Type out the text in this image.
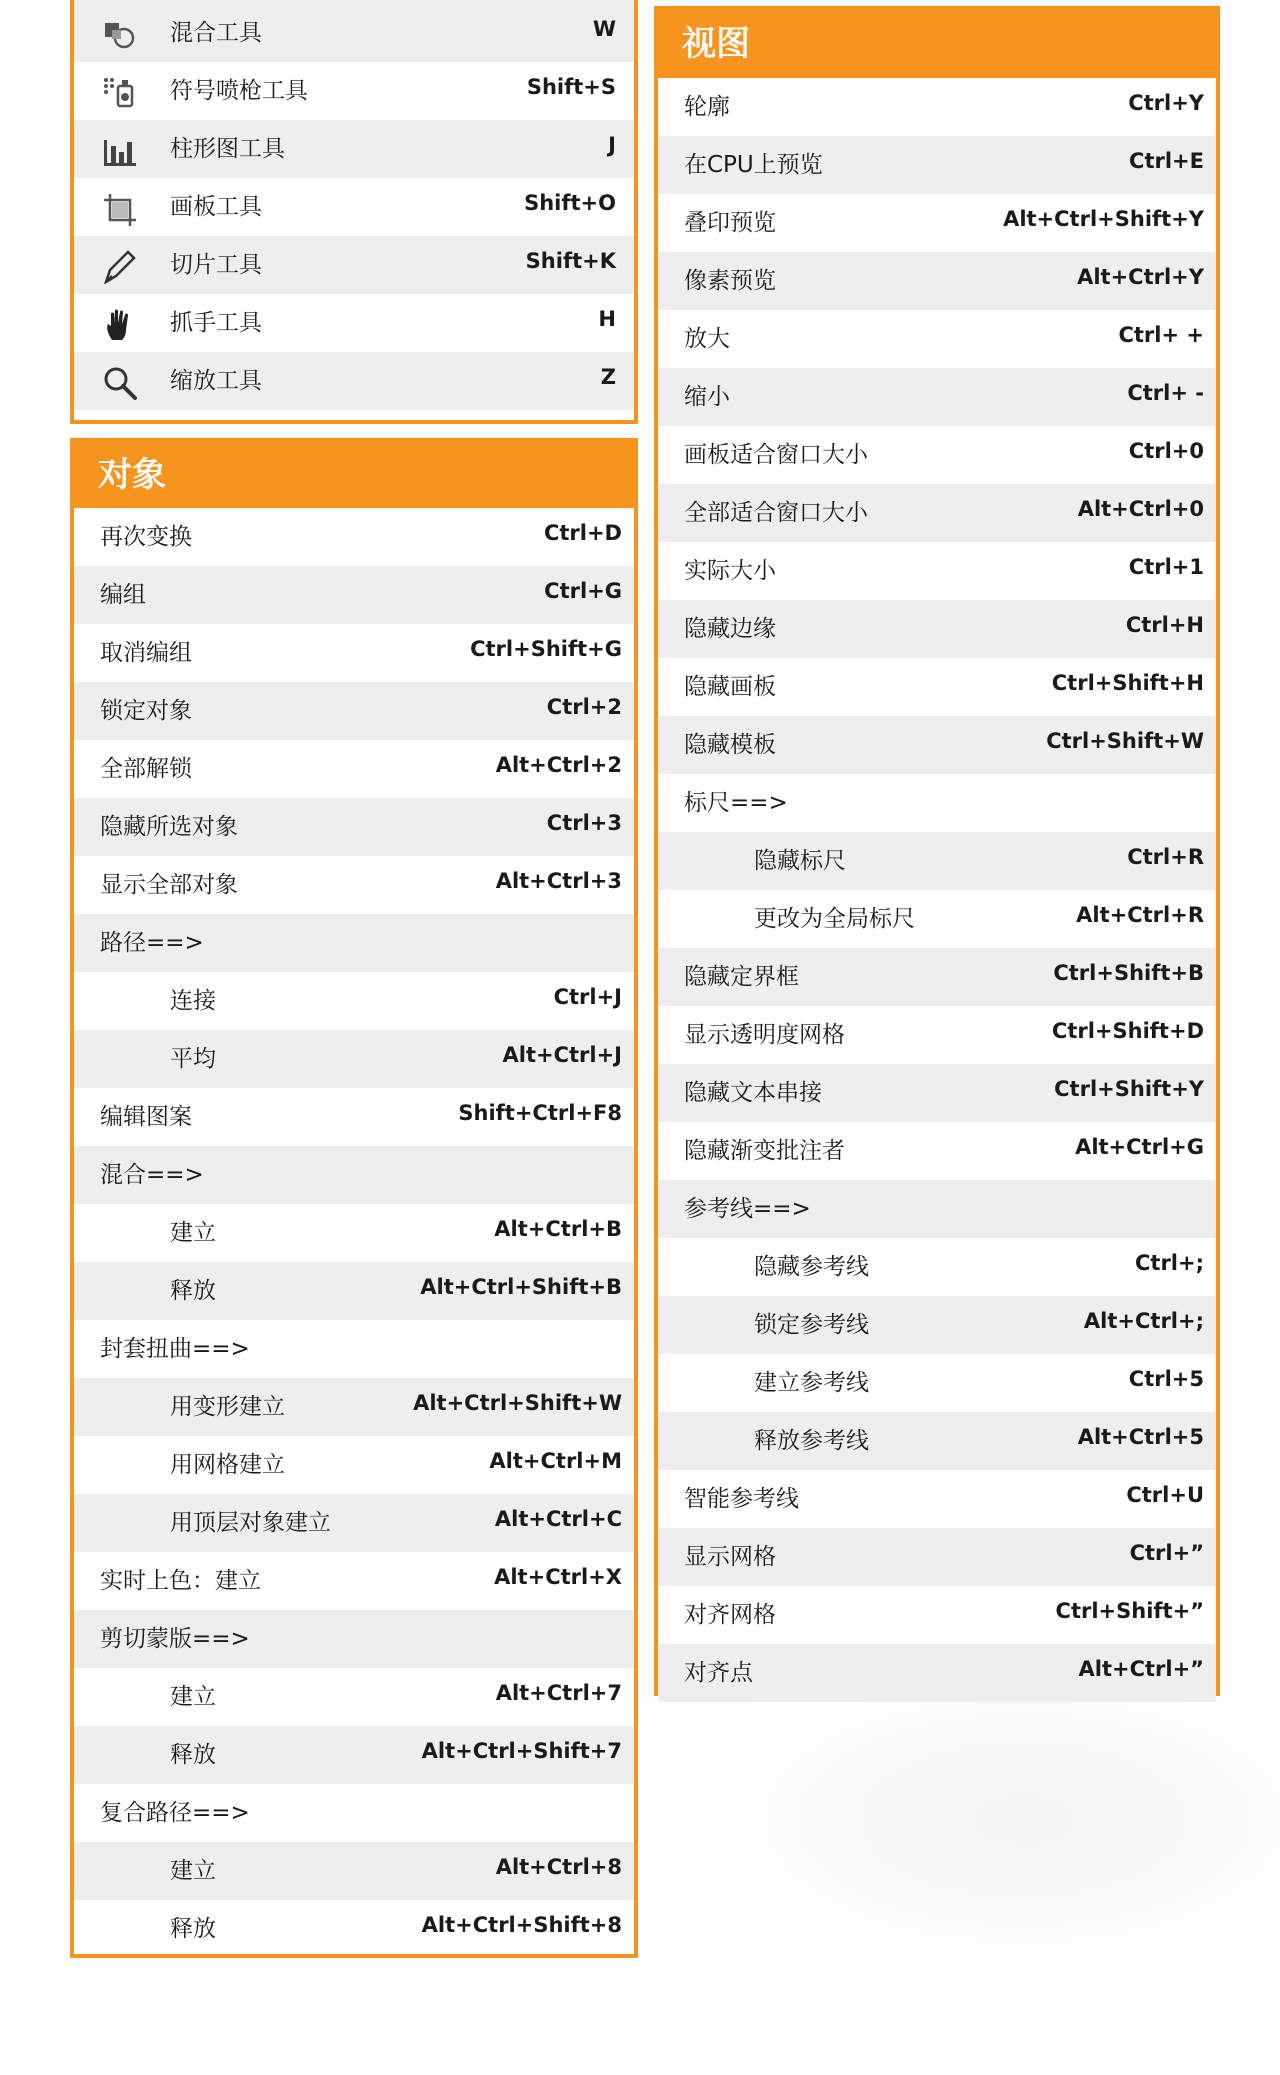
混合工具	W
符号喷枪工具	Shift+S
柱形图工具	J
画板工具	Shift+O
切片工具	Shift+K
抓手工具	H
缩放工具	Z
对象
再次变换	Ctrl+D
编组	Ctrl+G
取消编组	Ctrl+Shift+G
锁定对象	Ctrl+2
全部解锁	Alt+Ctrl+2
隐藏所选对象	Ctrl+3
显示全部对象	Alt+Ctrl+3
路径==>
连接	Ctrl+J
平均	Alt+Ctrl+J
编辑图案	Shift+Ctrl+F8
混合==>
建立	Alt+Ctrl+B
释放	Alt+Ctrl+Shift+B
封套扭曲==>
用变形建立	Alt+Ctrl+Shift+W
用网格建立	Alt+Ctrl+M
用顶层对象建立	Alt+Ctrl+C
实时上色：建立	Alt+Ctrl+X
剪切蒙版==>
建立	Alt+Ctrl+7
释放	Alt+Ctrl+Shift+7
复合路径==>
建立	Alt+Ctrl+8
释放	Alt+Ctrl+Shift+8
视图
轮廓	Ctrl+Y
在CPU上预览	Ctrl+E
叠印预览	Alt+Ctrl+Shift+Y
像素预览	Alt+Ctrl+Y
放大	Ctrl+ +
缩小	Ctrl+ -
画板适合窗口大小	Ctrl+0
全部适合窗口大小	Alt+Ctrl+0
实际大小	Ctrl+1
隐藏边缘	Ctrl+H
隐藏画板	Ctrl+Shift+H
隐藏模板	Ctrl+Shift+W
标尺==>
隐藏标尺	Ctrl+R
更改为全局标尺	Alt+Ctrl+R
隐藏定界框	Ctrl+Shift+B
显示透明度网格	Ctrl+Shift+D
隐藏文本串接	Ctrl+Shift+Y
隐藏渐变批注者	Alt+Ctrl+G
参考线==>
隐藏参考线	Ctrl+;
锁定参考线	Alt+Ctrl+;
建立参考线	Ctrl+5
释放参考线	Alt+Ctrl+5
智能参考线	Ctrl+U
显示网格	Ctrl+”
对齐网格	Ctrl+Shift+”
对齐点	Alt+Ctrl+”
